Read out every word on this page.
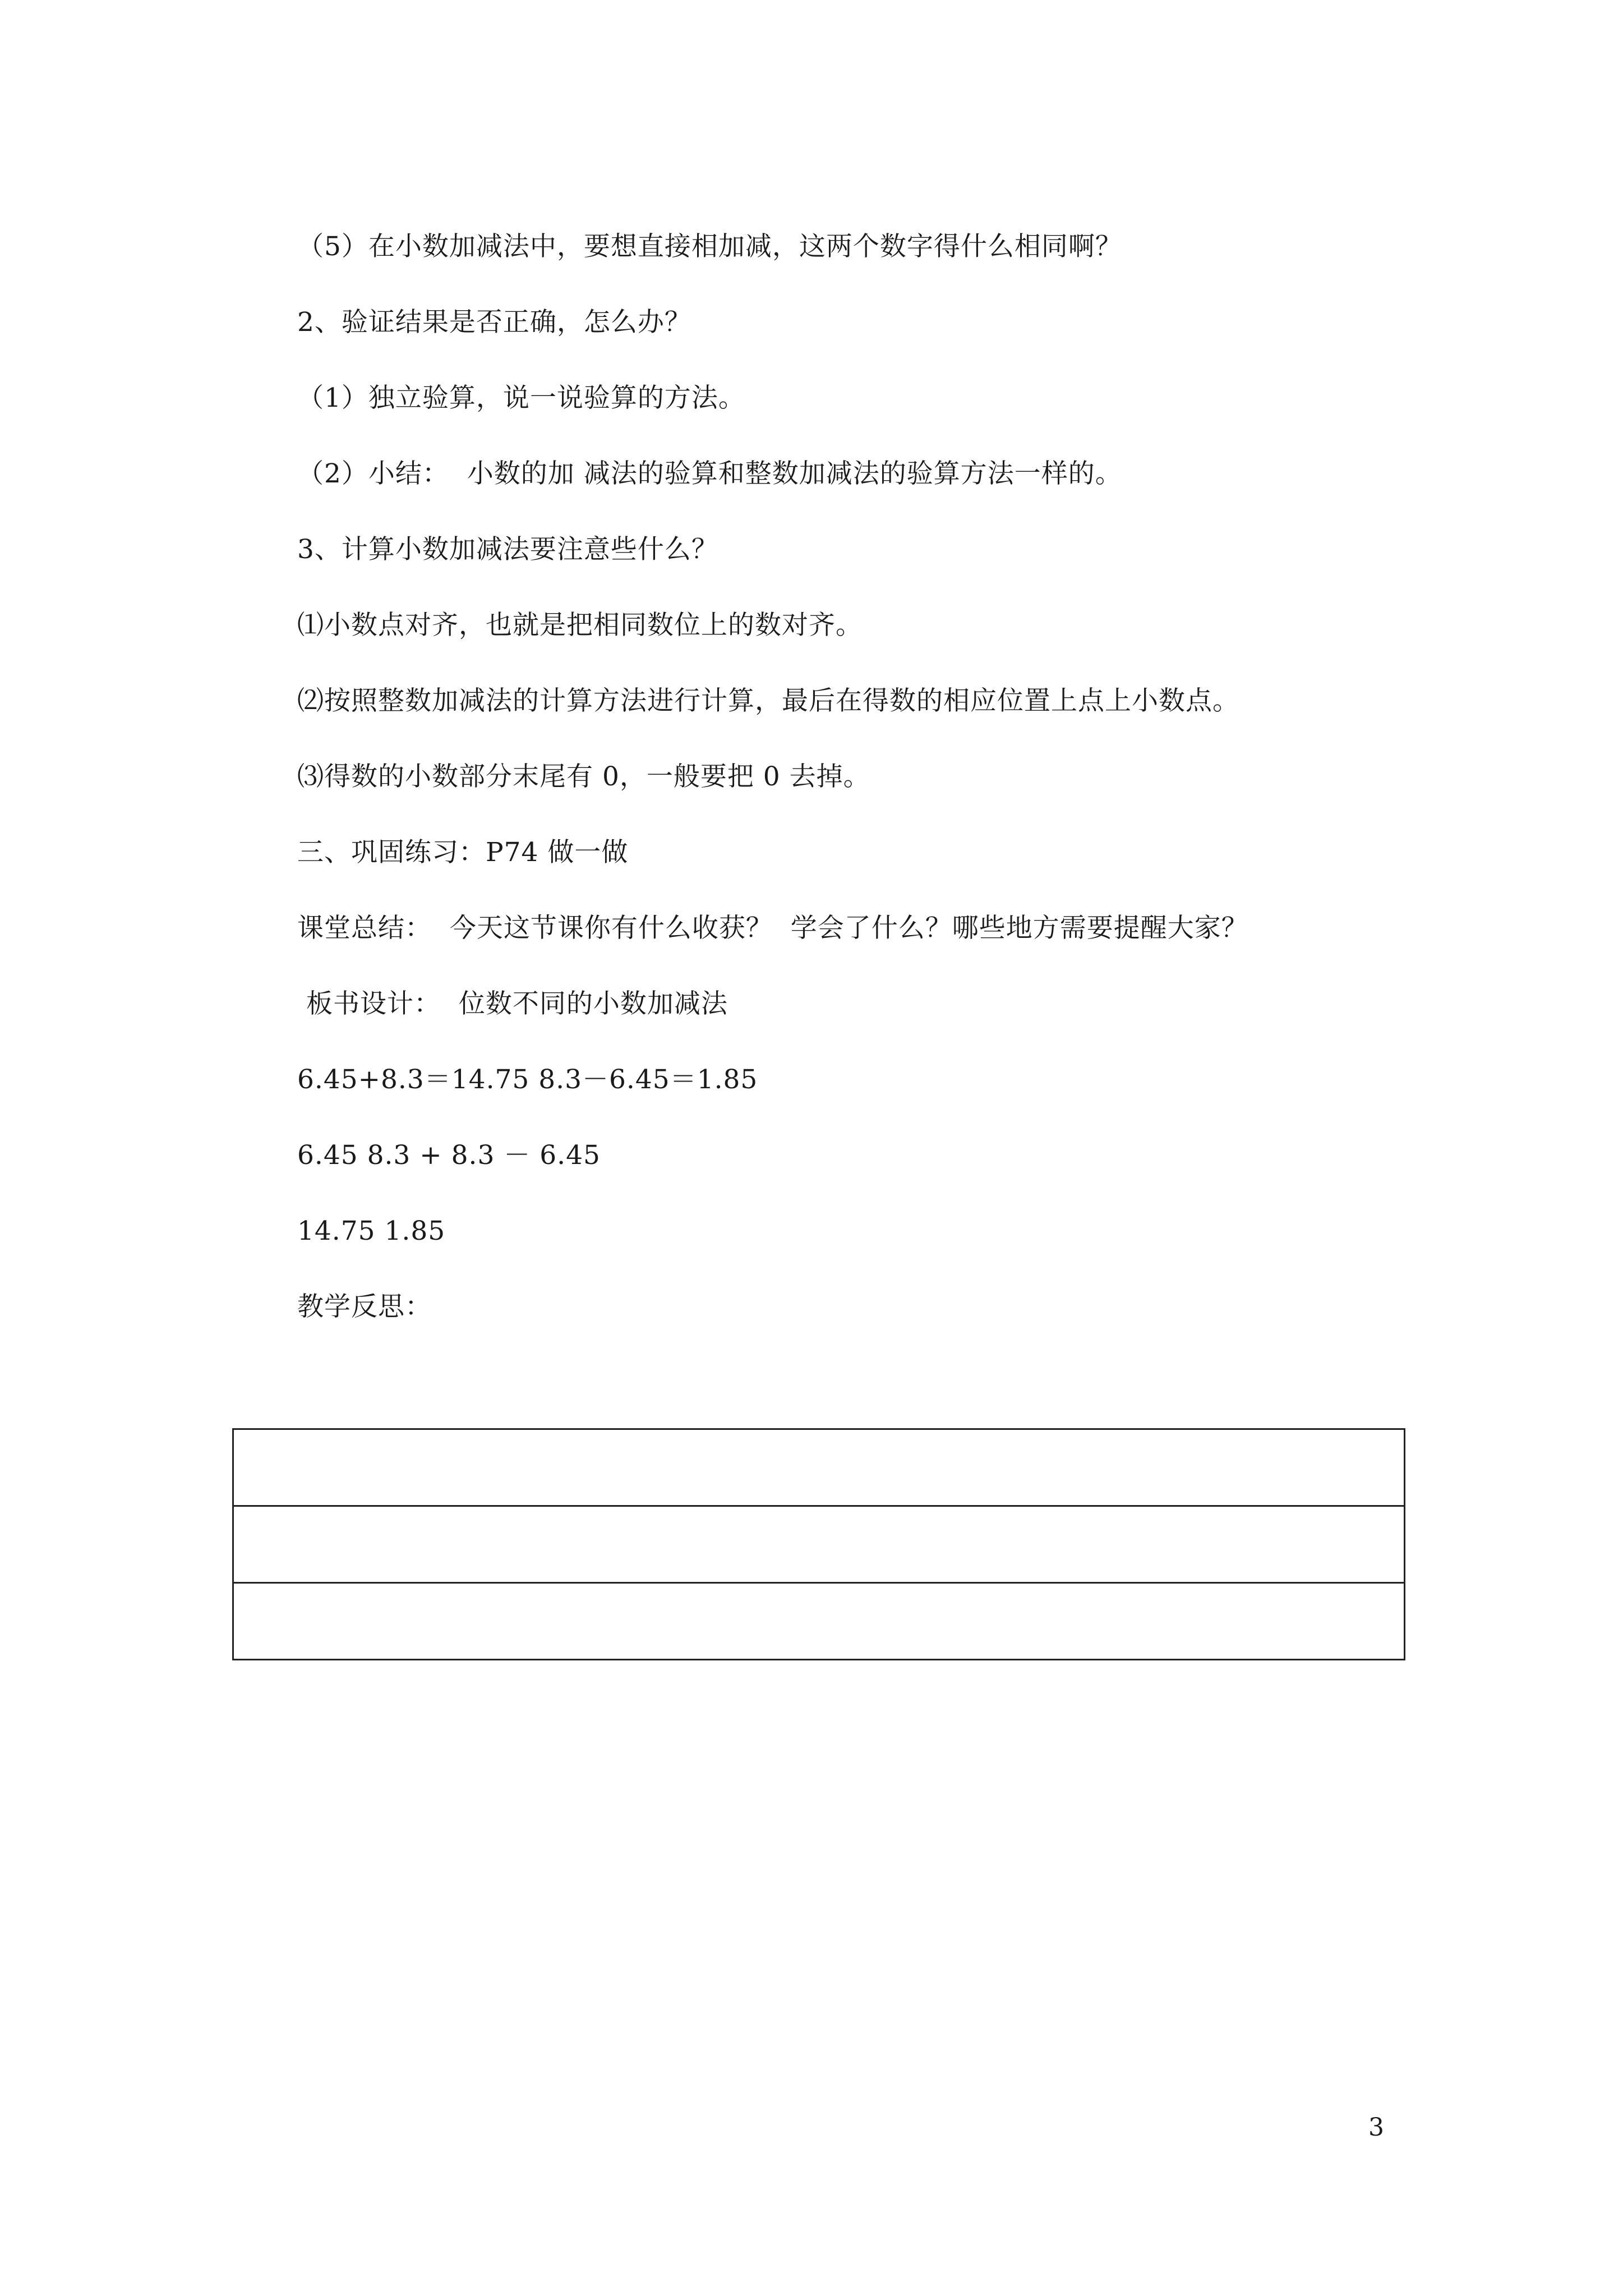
（5）在小数加减法中，要想直接相加减，这两个数字得什么相同啊？
2、验证结果是否正确，怎么办？
（1）独立验算，说一说验算的方法。
（2）小结：  小数的加 减法的验算和整数加减法的验算方法一样的。
3、计算小数加减法要注意些什么？
⑴小数点对齐，也就是把相同数位上的数对齐。
⑵按照整数加减法的计算方法进行计算，最后在得数的相应位置上点上小数点。
⑶得数的小数部分末尾有 0，一般要把 0 去掉。
三、巩固练习：P74 做一做
课堂总结：  今天这节课你有什么收获？  学会了什么？哪些地方需要提醒大家？
板书设计：  位数不同的小数加减法
6.45+8.3＝14.75 8.3－6.45＝1.85
6.45 8.3 + 8.3 － 6.45
14.75 1.85
教学反思：

3
